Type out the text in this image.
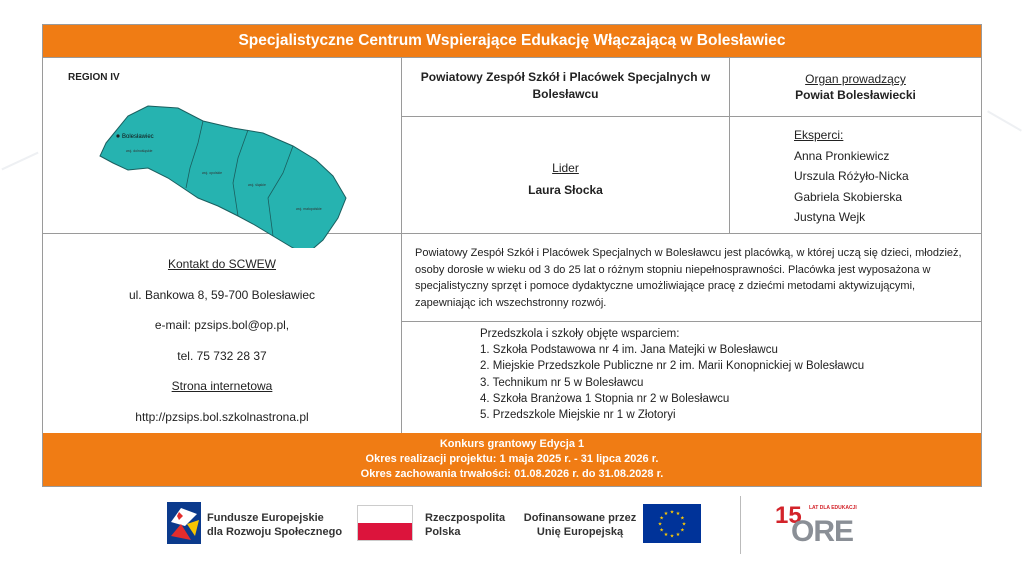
Specjalistyczne Centrum Wspierające Edukację Włączającą w Bolesławiec
REGION IV
Bolesławiec
woj. dolnośląskie
woj. opolskie
woj. śląskie
woj. małopolskie
Powiatowy Zespół Szkół i Placówek Specjalnych w Bolesławcu
Organ prowadzący
Powiat Bolesławiecki
Lider
Laura Słocka
Eksperci:
Anna Pronkiewicz
Urszula Różyło-Nicka
Gabriela Skobierska
Justyna Wejk
Kontakt do SCWEW
ul. Bankowa 8, 59-700 Bolesławiec
e-mail: pzsips.bol@op.pl,
tel. 75 732 28 37
Strona internetowa
http://pzsips.bol.szkolnastrona.pl
Powiatowy Zespół Szkół i Placówek Specjalnych w Bolesławcu jest placówką, w której uczą się dzieci, młodzież, osoby dorosłe w wieku od 3 do 25 lat o różnym stopniu niepełnosprawności. Placówka jest wyposażona w specjalistyczny sprzęt i pomoce dydaktyczne umożliwiające pracę z dziećmi metodami aktywizującymi, zapewniając ich wszechstronny rozwój.
Przedszkola i szkoły objęte wsparciem:
1. Szkoła Podstawowa nr 4 im. Jana Matejki w Bolesławcu
2. Miejskie Przedszkole Publiczne nr 2 im. Marii Konopnickiej w Bolesławcu
3. Technikum nr 5 w Bolesławcu
4. Szkoła Branżowa 1 Stopnia nr 2 w Bolesławcu
5. Przedszkole Miejskie nr 1 w Złotoryi
Konkurs grantowy Edycja 1
Okres realizacji projektu: 1 maja 2025 r. - 31 lipca 2026 r.
Okres zachowania trwałości: 01.08.2026 r. do 31.08.2028 r.
Fundusze Europejskie
dla Rozwoju Społecznego
Rzeczpospolita
Polska
Dofinansowane przez
Unię Europejską
★ ★
★
★
★
★
★
★
★
★
★
★	15 LAT DLA EDUKACJI
ORE
